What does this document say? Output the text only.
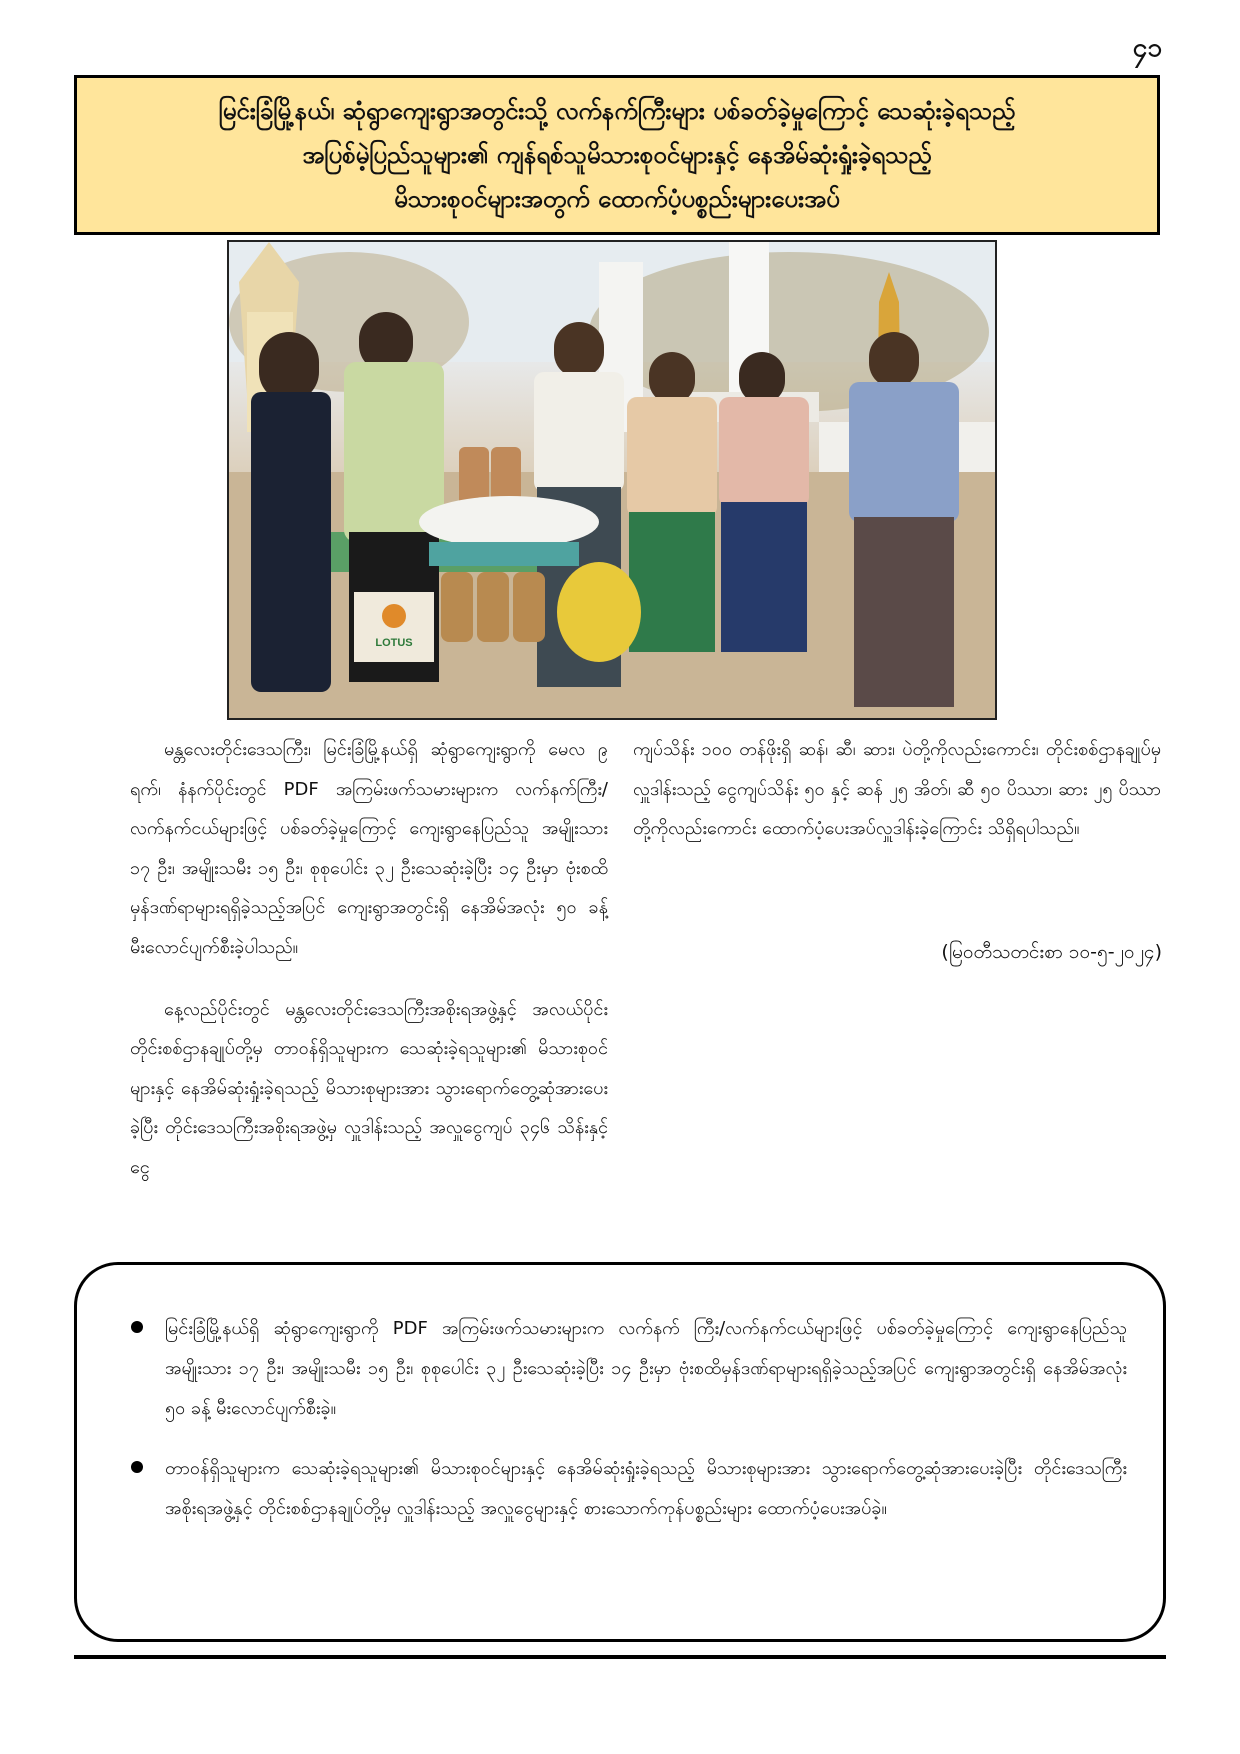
၄၁
မြင်းခြံမြို့နယ်၊ ဆုံရွာကျေးရွာအတွင်းသို့ လက်နက်ကြီးများ ပစ်ခတ်ခဲ့မှုကြောင့် သေဆုံးခဲ့ရသည့်
အပြစ်မဲ့ပြည်သူများ၏ ကျန်ရစ်သူမိသားစုဝင်များနှင့် နေအိမ်ဆုံးရှုံးခဲ့ရသည့်
မိသားစုဝင်များအတွက် ထောက်ပံ့ပစ္စည်းများပေးအပ်
LOTUS

မန္တလေးတိုင်းဒေသကြီး၊ မြင်းခြံမြို့နယ်ရှိ ဆုံရွာကျေးရွာကို မေလ ၉ ရက်၊ နံနက်ပိုင်းတွင် PDF အကြမ်းဖက်သမားများက လက်နက်ကြီး/လက်နက်ငယ်များဖြင့် ပစ်ခတ်ခဲ့မှုကြောင့် ကျေးရွာနေပြည်သူ အမျိုးသား ၁၇ ဦး၊ အမျိုးသမီး ၁၅ ဦး၊ စုစုပေါင်း ၃၂ ဦးသေဆုံးခဲ့ပြီး ၁၄ ဦးမှာ ဗုံးစထိမှန်ဒဏ်ရာများရရှိခဲ့သည့်အပြင် ကျေးရွာအတွင်းရှိ နေအိမ်အလုံး ၅၀ ခန့် မီးလောင်ပျက်စီးခဲ့ပါသည်။

နေ့လည်ပိုင်းတွင် မန္တလေးတိုင်းဒေသကြီးအစိုးရအဖွဲ့နှင့် အလယ်ပိုင်းတိုင်းစစ်ဌာနချုပ်တို့မှ တာဝန်ရှိသူများက သေဆုံးခဲ့ရသူများ၏ မိသားစုဝင်များနှင့် နေအိမ်ဆုံးရှုံးခဲ့ရသည့် မိသားစုများအား သွားရောက်တွေ့ဆုံအားပေးခဲ့ပြီး တိုင်းဒေသကြီးအစိုးရအဖွဲ့မှ လှူဒါန်းသည့် အလှူငွေကျပ် ၃၄၆ သိန်းနှင့် ငွေ

ကျပ်သိန်း ၁၀၀ တန်ဖိုးရှိ ဆန်၊ ဆီ၊ ဆား၊ ပဲတို့ကိုလည်းကောင်း၊ တိုင်းစစ်ဌာနချုပ်မှ လှူဒါန်းသည့် ငွေကျပ်သိန်း ၅၀ နှင့် ဆန် ၂၅ အိတ်၊ ဆီ ၅၀ ပိဿာ၊ ဆား ၂၅ ပိဿာတို့ကိုလည်းကောင်း ထောက်ပံ့ပေးအပ်လှူဒါန်းခဲ့ကြောင်း သိရှိရပါသည်။

(မြဝတီသတင်းစာ ၁၀-၅-၂၀၂၄)
မြင်းခြံမြို့နယ်ရှိ ဆုံရွာကျေးရွာကို PDF အကြမ်းဖက်သမားများက လက်နက် ကြီး/လက်နက်ငယ်များဖြင့် ပစ်ခတ်ခဲ့မှုကြောင့် ကျေးရွာနေပြည်သူ အမျိုးသား ၁၇ ဦး၊ အမျိုးသမီး ၁၅ ဦး၊ စုစုပေါင်း ၃၂ ဦးသေဆုံးခဲ့ပြီး ၁၄ ဦးမှာ ဗုံးစထိမှန်ဒဏ်ရာများရရှိခဲ့သည့်အပြင် ကျေးရွာအတွင်းရှိ နေအိမ်အလုံး ၅၀ ခန့် မီးလောင်ပျက်စီးခဲ့။
တာဝန်ရှိသူများက သေဆုံးခဲ့ရသူများ၏ မိသားစုဝင်များနှင့် နေအိမ်ဆုံးရှုံးခဲ့ရသည့် မိသားစုများအား သွားရောက်တွေ့ဆုံအားပေးခဲ့ပြီး တိုင်းဒေသကြီးအစိုးရအဖွဲ့နှင့် တိုင်းစစ်ဌာနချုပ်တို့မှ လှူဒါန်းသည့် အလှူငွေများနှင့် စားသောက်ကုန်ပစ္စည်းများ ထောက်ပံ့ပေးအပ်ခဲ့။
